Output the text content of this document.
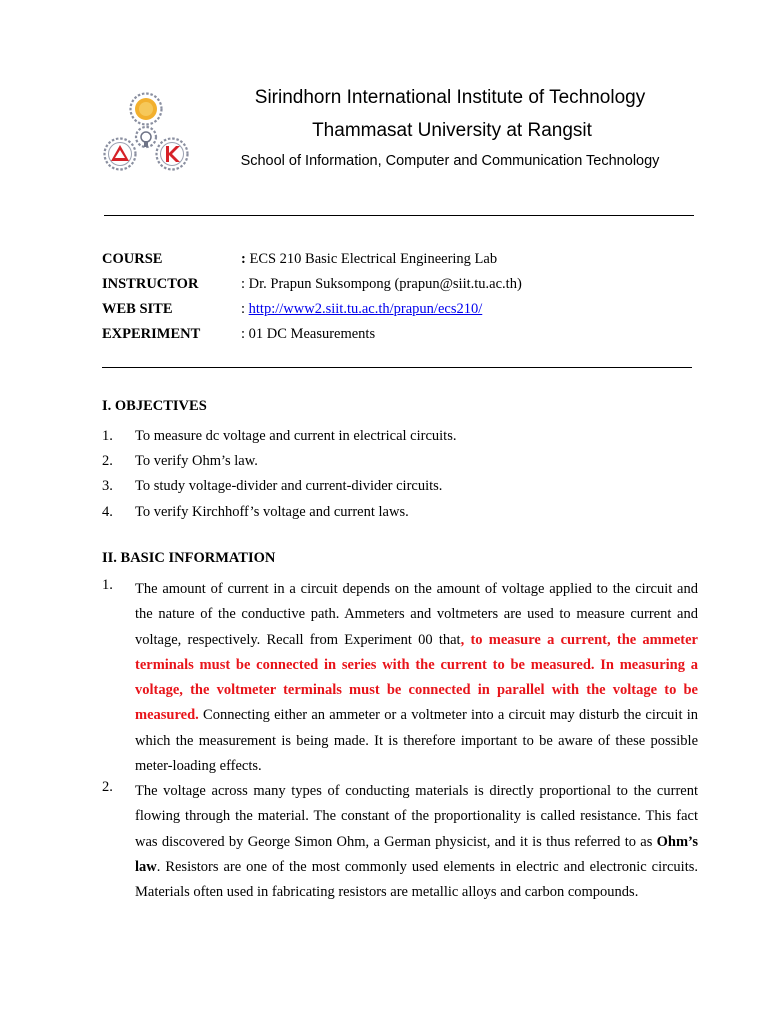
Sirindhorn International Institute of Technology
Thammasat University at Rangsit
School of Information, Computer and Communication Technology
COURSE	: ECS 210 Basic Electrical Engineering Lab
INSTRUCTOR	: Dr. Prapun Suksompong (prapun@siit.tu.ac.th)
WEB SITE	: http://www2.siit.tu.ac.th/prapun/ecs210/
EXPERIMENT	: 01 DC Measurements
I. OBJECTIVES
1. To measure dc voltage and current in electrical circuits.
2. To verify Ohm’s law.
3. To study voltage-divider and current-divider circuits.
4. To verify Kirchhoff’s voltage and current laws.
II. BASIC INFORMATION
1. The amount of current in a circuit depends on the amount of voltage applied to the circuit and the nature of the conductive path. Ammeters and voltmeters are used to measure current and voltage, respectively. Recall from Experiment 00 that, to measure a current, the ammeter terminals must be connected in series with the current to be measured. In measuring a voltage, the voltmeter terminals must be connected in parallel with the voltage to be measured. Connecting either an ammeter or a voltmeter into a circuit may disturb the circuit in which the measurement is being made. It is therefore important to be aware of these possible meter-loading effects.
2. The voltage across many types of conducting materials is directly proportional to the current flowing through the material. The constant of the proportionality is called resistance. This fact was discovered by George Simon Ohm, a German physicist, and it is thus referred to as Ohm’s law. Resistors are one of the most commonly used elements in electric and electronic circuits. Materials often used in fabricating resistors are metallic alloys and carbon compounds.
